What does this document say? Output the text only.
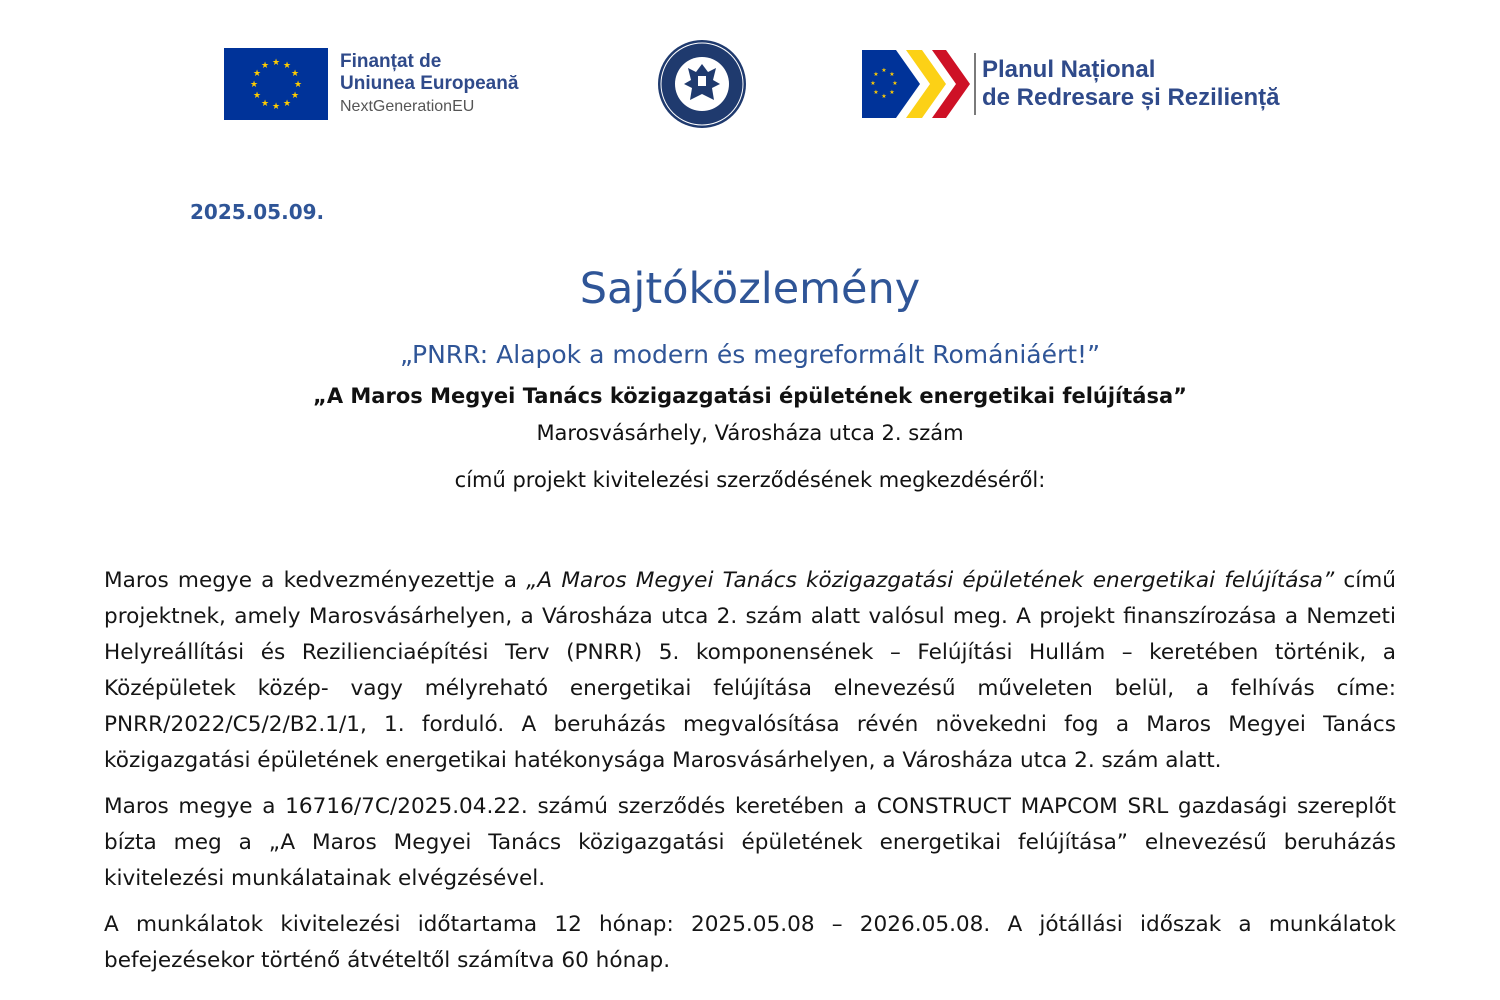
★ ★
★
★
★
★
★
★
★
★
★
★	Finanțat de
Uniunea Europeană
NextGenerationEU
★
★
★
★
★
★
★
★	Planul Național
de Redresare și Reziliență
2025.05.09.
Sajtóközlemény
„PNRR: Alapok a modern és megreformált Romániáért!”
„A Maros Megyei Tanács közigazgatási épületének energetikai felújítása”
Marosvásárhely, Városháza utca 2. szám
című projekt kivitelezési szerződésének megkezdéséről:

Maros megye a kedvezményezettje a „A Maros Megyei Tanács közigazgatási épületének energetikai felújítása” című projektnek, amely Marosvásárhelyen, a Városháza utca 2. szám alatt valósul meg. A projekt finanszírozása a Nemzeti Helyreállítási és Rezilienciaépítési Terv (PNRR) 5. komponensének – Felújítási Hullám – keretében történik, a Középületek közép- vagy mélyreható energetikai felújítása elnevezésű műveleten belül, a felhívás címe: PNRR/2022/C5/2/B2.1/1, 1. forduló. A beruházás megvalósítása révén növekedni fog a Maros Megyei Tanács közigazgatási épületének energetikai hatékonysága Marosvásárhelyen, a Városháza utca 2. szám alatt.

Maros megye a 16716/7C/2025.04.22. számú szerződés keretében a CONSTRUCT MAPCOM SRL gazdasági szereplőt bízta meg a „A Maros Megyei Tanács közigazgatási épületének energetikai felújítása” elnevezésű beruházás kivitelezési munkálatainak elvégzésével.

A munkálatok kivitelezési időtartama 12 hónap: 2025.05.08 – 2026.05.08. A jótállási időszak a munkálatok befejezésekor történő átvételtől számítva 60 hónap.
